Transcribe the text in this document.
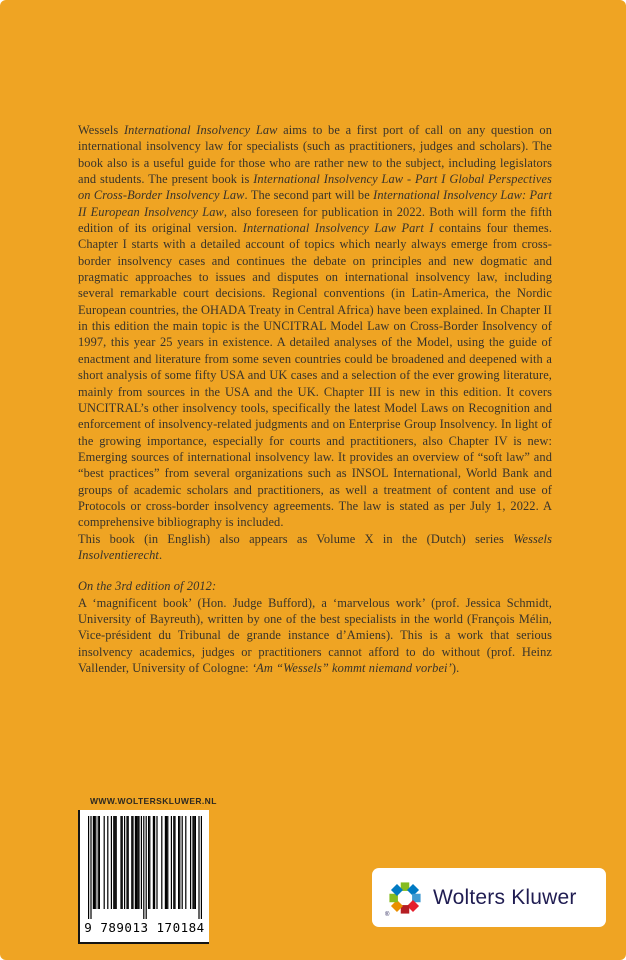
Wessels International Insolvency Law aims to be a first port of call on any question on international insolvency law for specialists (such as practitioners, judges and scholars). The book also is a useful guide for those who are rather new to the subject, including legislators and students. The present book is International Insolvency Law - Part I Global Perspectives on Cross-Border Insolvency Law. The second part will be International Insolvency Law: Part II European Insolvency Law, also foreseen for publication in 2022. Both will form the fifth edition of its original version. International Insolvency Law Part I contains four themes. Chapter I starts with a detailed account of topics which nearly always emerge from cross-border insolvency cases and continues the debate on principles and new dogmatic and pragmatic approaches to issues and disputes on international insolvency law, including several remarkable court decisions. Regional conventions (in Latin-America, the Nordic European countries, the OHADA Treaty in Central Africa) have been explained. In Chapter II in this edition the main topic is the UNCITRAL Model Law on Cross-Border Insolvency of 1997, this year 25 years in existence. A detailed analyses of the Model, using the guide of enactment and literature from some seven countries could be broadened and deepened with a short analysis of some fifty USA and UK cases and a selection of the ever growing literature, mainly from sources in the USA and the UK. Chapter III is new in this edition. It covers UNCITRAL’s other insolvency tools, specifically the latest Model Laws on Recognition and enforcement of insolvency-related judgments and on Enterprise Group Insolvency. In light of the growing importance, especially for courts and practitioners, also Chapter IV is new: Emerging sources of international insolvency law. It provides an overview of “soft law” and “best practices” from several organizations such as INSOL International, World Bank and groups of academic scholars and practitioners, as well a treatment of content and use of Protocols or cross-border insolvency agreements. The law is stated as per July 1, 2022. A comprehensive bibliography is included.
This book (in English) also appears as Volume X in the (Dutch) series Wessels Insolventierecht.

On the 3rd edition of 2012:
A ‘magnificent book’ (Hon. Judge Bufford), a ‘marvelous work’ (prof. Jessica Schmidt, University of Bayreuth), written by one of the best specialists in the world (François Mélin, Vice-président du Tribunal de grande instance d’Amiens). This is a work that serious insolvency academics, judges or practitioners cannot afford to do without (prof. Heinz Vallender, University of Cologne: ‘Am “Wessels” kommt niemand vorbei’).

WWW.WOLTERSKLUWER.NL
9 789013 170184
®
Wolters Kluwer
